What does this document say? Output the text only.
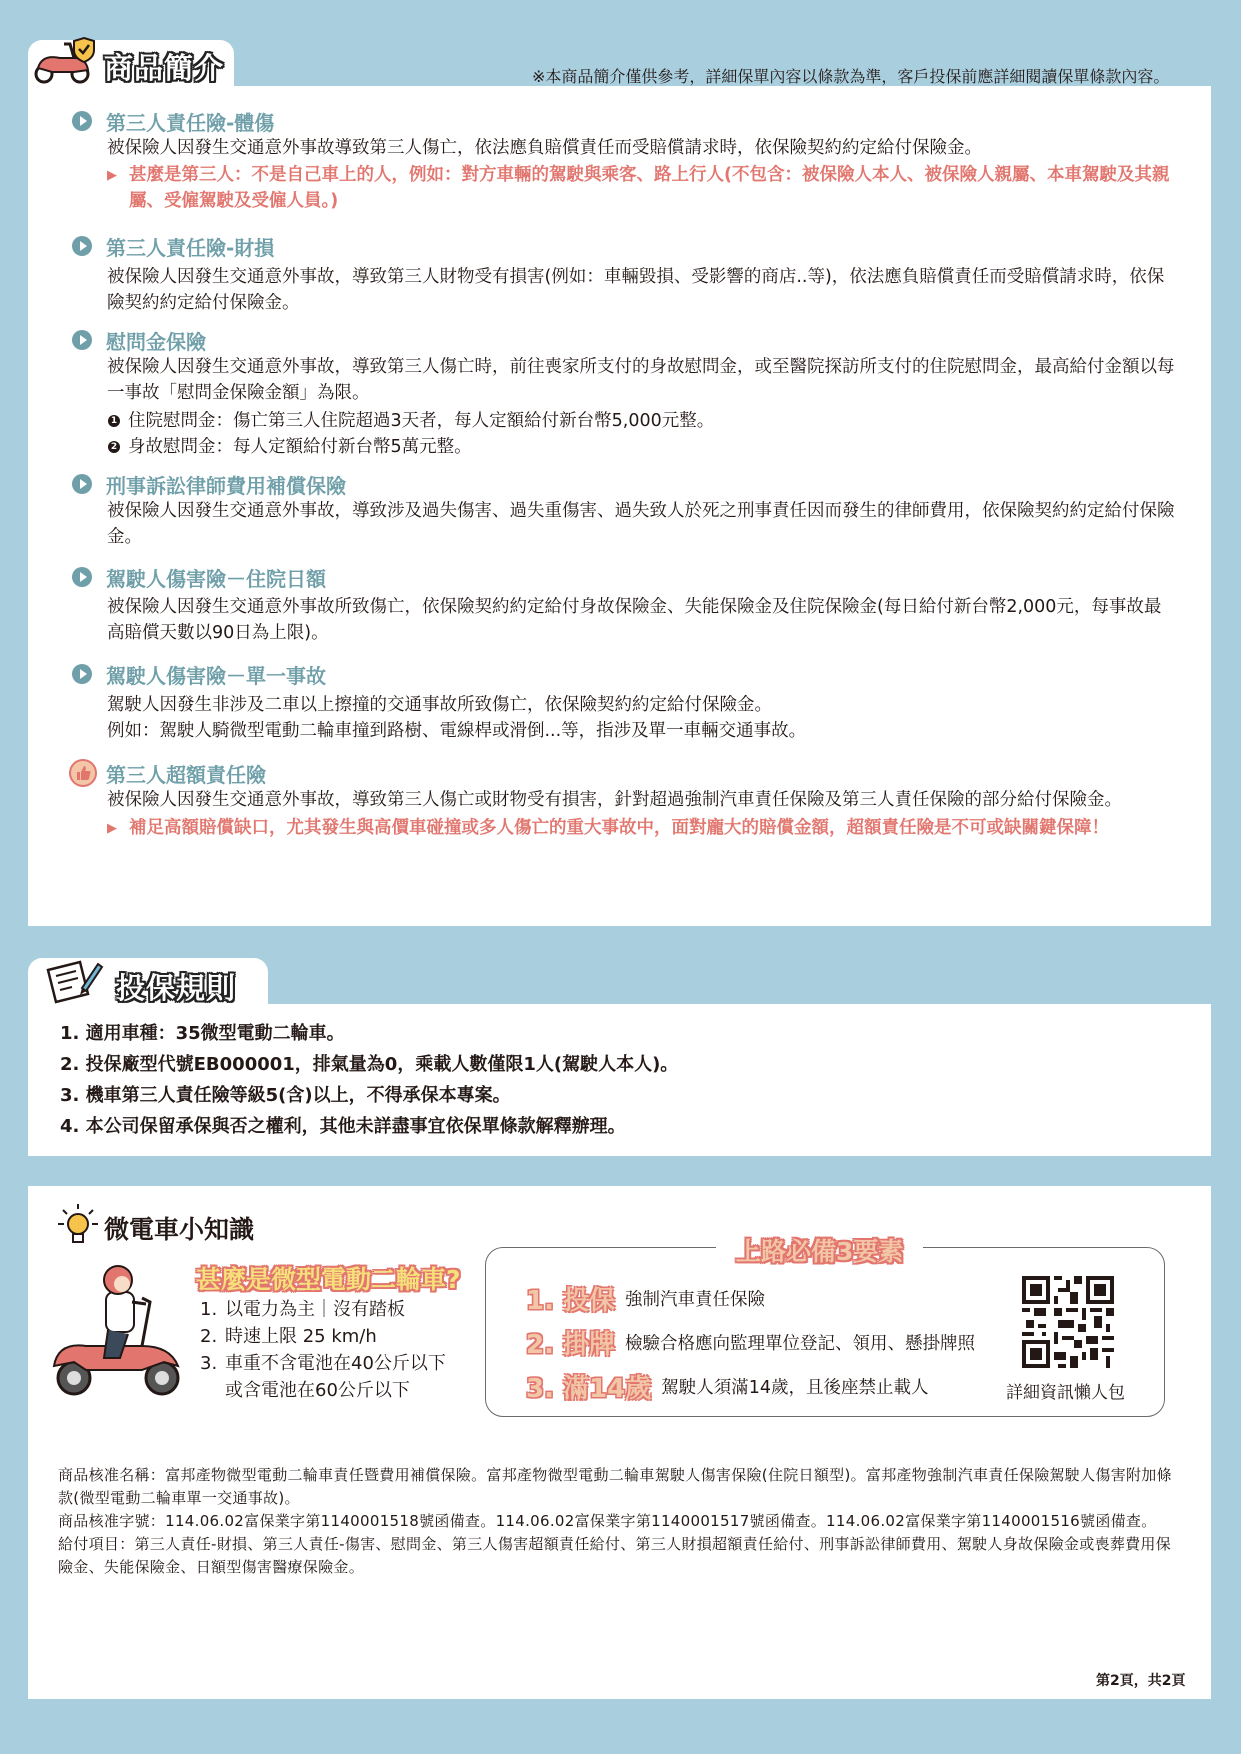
商品簡介	※本商品簡介僅供參考，詳細保單內容以條款為準，客戶投保前應詳細閱讀保單條款內容。
第三人責任險-體傷
被保險人因發生交通意外事故導致第三人傷亡，依法應負賠償責任而受賠償請求時，依保險契約約定給付保險金。
▶ 甚麼是第三人：不是自己車上的人，例如：對方車輛的駕駛與乘客、路上行人(不包含：被保險人本人、被保險人親屬、本車駕駛及其親屬、受僱駕駛及受僱人員。)
第三人責任險-財損
被保險人因發生交通意外事故，導致第三人財物受有損害(例如：車輛毀損、受影響的商店..等)，依法應負賠償責任而受賠償請求時，依保險契約約定給付保險金。
慰問金保險
被保險人因發生交通意外事故，導致第三人傷亡時，前往喪家所支付的身故慰問金，或至醫院探訪所支付的住院慰問金，最高給付金額以每一事故「慰問金保險金額」為限。
1 住院慰問金：傷亡第三人住院超過3天者，每人定額給付新台幣5,000元整。
2 身故慰問金：每人定額給付新台幣5萬元整。
刑事訴訟律師費用補償保險
被保險人因發生交通意外事故，導致涉及過失傷害、過失重傷害、過失致人於死之刑事責任因而發生的律師費用，依保險契約約定給付保險金。
駕駛人傷害險－住院日額
被保險人因發生交通意外事故所致傷亡，依保險契約約定給付身故保險金、失能保險金及住院保險金(每日給付新台幣2,000元，每事故最高賠償天數以90日為上限)。
駕駛人傷害險－單一事故
駕駛人因發生非涉及二車以上擦撞的交通事故所致傷亡，依保險契約約定給付保險金。
例如：駕駛人騎微型電動二輪車撞到路樹、電線桿或滑倒...等，指涉及單一車輛交通事故。
第三人超額責任險
被保險人因發生交通意外事故，導致第三人傷亡或財物受有損害，針對超過強制汽車責任保險及第三人責任保險的部分給付保險金。
▶ 補足高額賠償缺口，尤其發生與高價車碰撞或多人傷亡的重大事故中，面對龐大的賠償金額，超額責任險是不可或缺關鍵保障！
投保規則
1. 適用車種：35微型電動二輪車。
2. 投保廠型代號EB000001，排氣量為0，乘載人數僅限1人(駕駛人本人)。
3. 機車第三人責任險等級5(含)以上，不得承保本專案。
4. 本公司保留承保與否之權利，其他未詳盡事宜依保單條款解釋辦理。
微電車小知識
甚麼是微型電動二輪車?
1. 以電力為主｜沒有踏板
2. 時速上限 25 km/h
3. 車重不含電池在40公斤以下
或含電池在60公斤以下
上路必備3要素
1. 投保 強制汽車責任保險
2. 掛牌 檢驗合格應向監理單位登記、領用、懸掛牌照
3. 滿14歲 駕駛人須滿14歲，且後座禁止載人	詳細資訊懶人包
商品核准名稱：富邦產物微型電動二輪車責任暨費用補償保險。富邦產物微型電動二輪車駕駛人傷害保險(住院日額型)。富邦產物強制汽車責任保險駕駛人傷害附加條款(微型電動二輪車單一交通事故)。
商品核准字號：114.06.02富保業字第1140001518號函備查。114.06.02富保業字第1140001517號函備查。114.06.02富保業字第1140001516號函備查。
給付項目：第三人責任-財損、第三人責任-傷害、慰問金、第三人傷害超額責任給付、第三人財損超額責任給付、刑事訴訟律師費用、駕駛人身故保險金或喪葬費用保險金、失能保險金、日額型傷害醫療保險金。
第2頁，共2頁
